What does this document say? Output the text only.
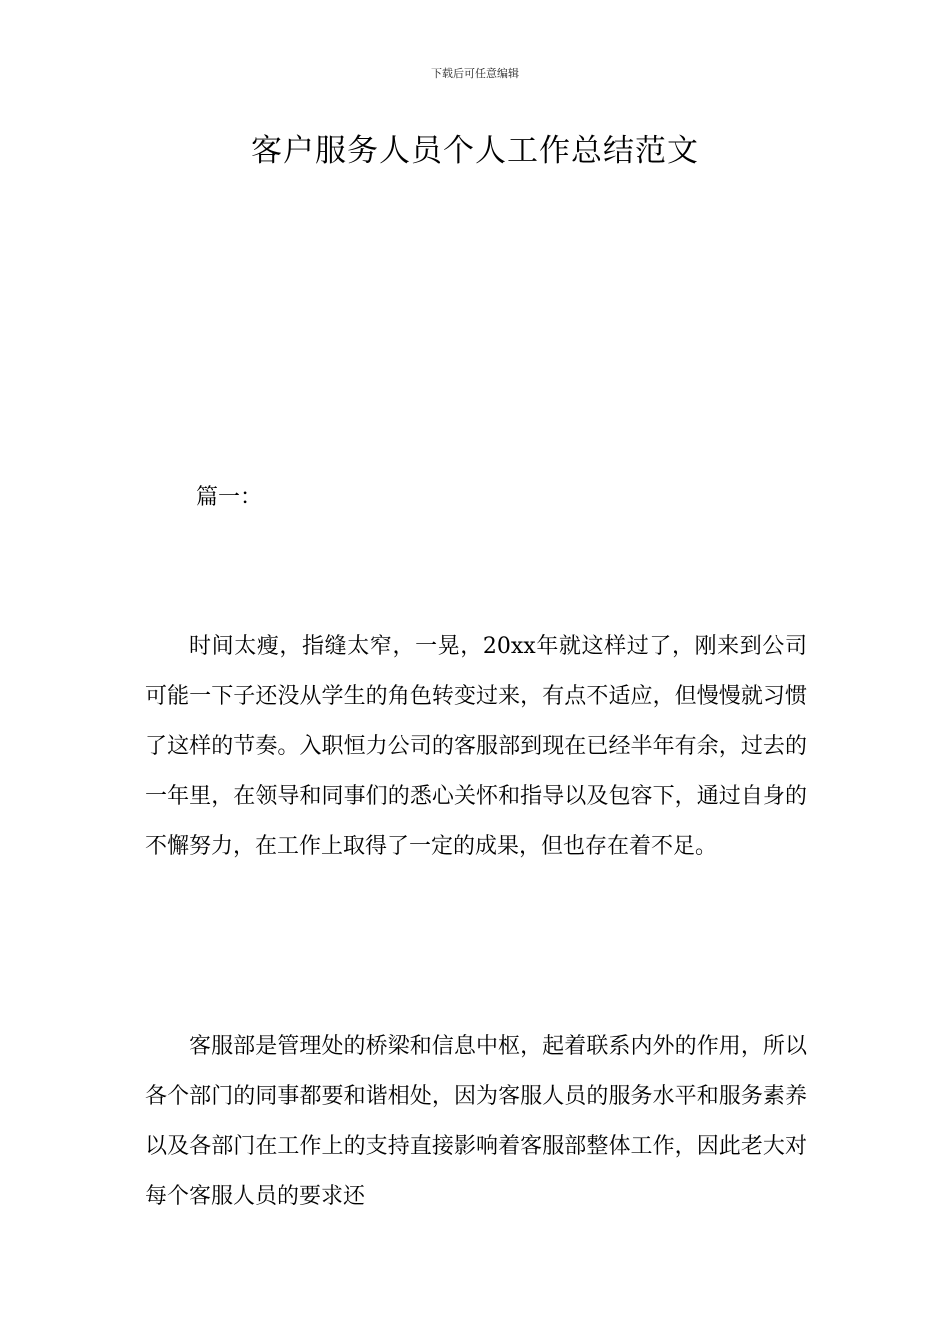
下载后可任意编辑
客户服务人员个人工作总结范文
篇一：

时间太瘦，指缝太窄，一晃，20xx年就这样过了，刚来到公司可能一下子还没从学生的角色转变过来，有点不适应，但慢慢就习惯了这样的节奏。入职恒力公司的客服部到现在已经半年有余，过去的一年里，在领导和同事们的悉心关怀和指导以及包容下，通过自身的不懈努力，在工作上取得了一定的成果，但也存在着不足。

客服部是管理处的桥梁和信息中枢，起着联系内外的作用，所以各个部门的同事都要和谐相处，因为客服人员的服务水平和服务素养以及各部门在工作上的支持直接影响着客服部整体工作，因此老大对每个客服人员的要求还
